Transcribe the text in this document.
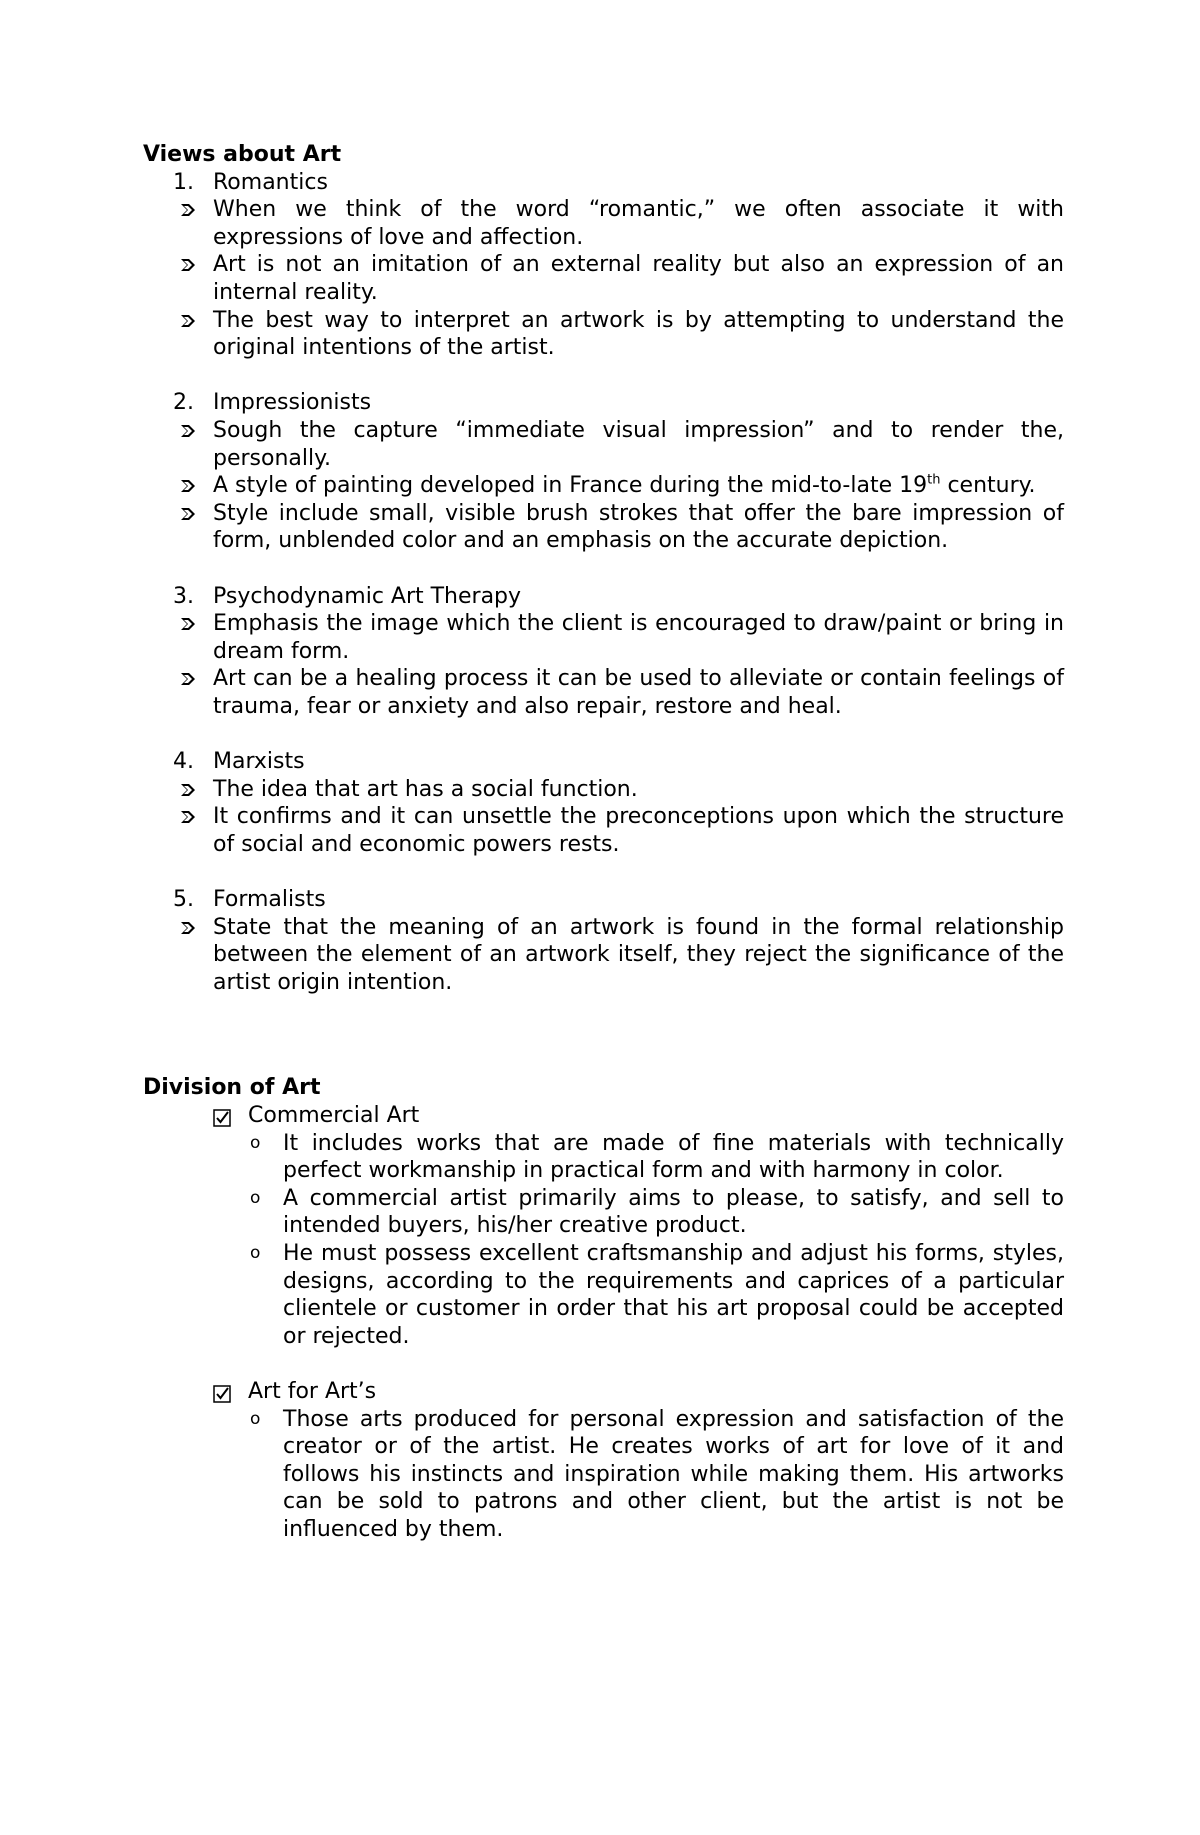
Views about Art

1. Romantics
When we think of the word “romantic,” we often associate it with expressions of love and affection.
Art is not an imitation of an external reality but also an expression of an internal reality.
The best way to interpret an artwork is by attempting to understand the original intentions of the artist.
2. Impressionists
Sough the capture “immediate visual impression” and to render the, personally.
A style of painting developed in France during the mid-to-late 19th century.
Style include small, visible brush strokes that offer the bare impression of form, unblended color and an emphasis on the accurate depiction.
3. Psychodynamic Art Therapy
Emphasis the image which the client is encouraged to draw/paint or bring in dream form.
Art can be a healing process it can be used to alleviate or contain feelings of trauma, fear or anxiety and also repair, restore and heal.
4. Marxists
The idea that art has a social function.
It confirms and it can unsettle the preconceptions upon which the structure of social and economic powers rests.
5. Formalists
State that the meaning of an artwork is found in the formal relationship between the element of an artwork itself, they reject the significance of the artist origin intention.

Division of Art

Commercial Art
o It includes works that are made of fine materials with technically perfect workmanship in practical form and with harmony in color.
o A commercial artist primarily aims to please, to satisfy, and sell to intended buyers, his/her creative product.
o He must possess excellent craftsmanship and adjust his forms, styles, designs, according to the requirements and caprices of a particular clientele or customer in order that his art proposal could be accepted or rejected.
Art for Art’s
o Those arts produced for personal expression and satisfaction of the creator or of the artist. He creates works of art for love of it and follows his instincts and inspiration while making them. His artworks can be sold to patrons and other client, but the artist is not be influenced by them.
